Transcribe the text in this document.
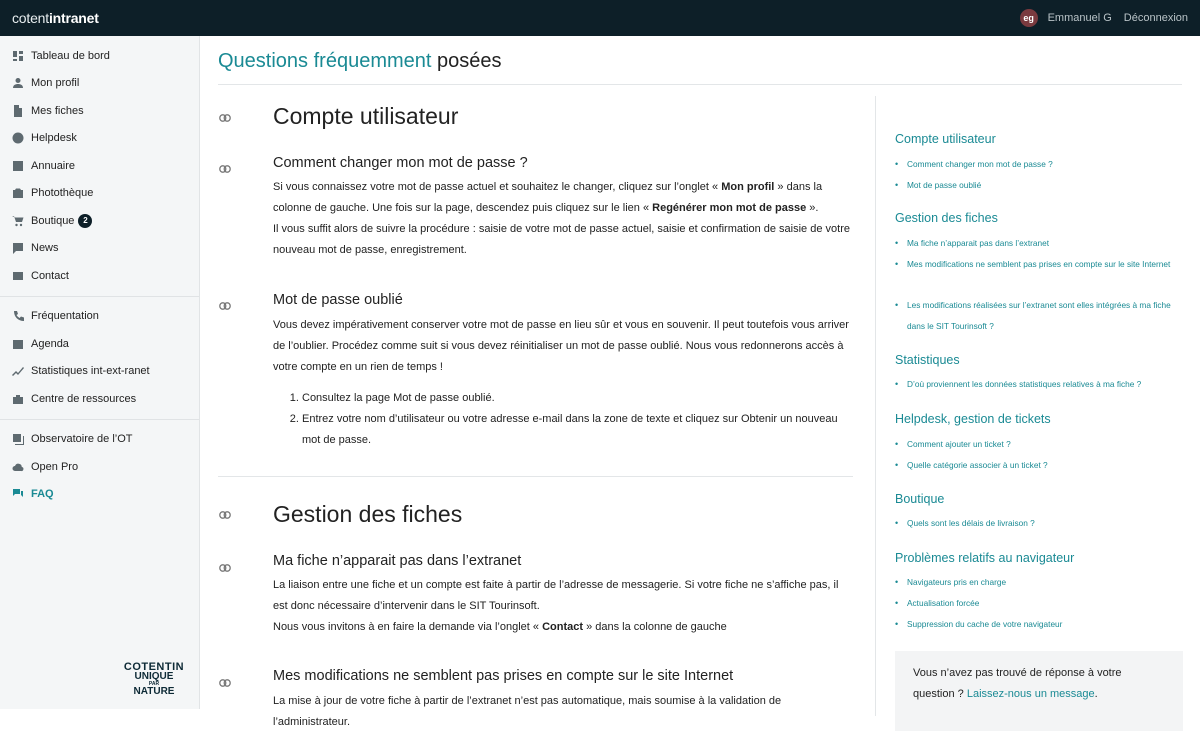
cotentintranet	eg	Emmanuel G Déconnexion
Tableau de bord
Mon profil
Mes fiches
Helpdesk
Annuaire
Photothèque
Boutique	2
News
Contact
Fréquentation
Agenda
Statistiques int-ext-ranet
Centre de ressources
Observatoire de l’OT
Open Pro
FAQ
COTENTIN
UNIQUE
PAR
NATURE
Questions fréquemment posées
Compte utilisateur
Comment changer mon mot de passe ?
Si vous connaissez votre mot de passe actuel et souhaitez le changer, cliquez sur l’onglet « Mon profil » dans la colonne de gauche. Une fois sur la page, descendez puis cliquez sur le lien « Regénérer mon mot de passe ».
Il vous suffit alors de suivre la procédure : saisie de votre mot de passe actuel, saisie et confirmation de saisie de votre nouveau mot de passe, enregistrement.
Mot de passe oublié
Vous devez impérativement conserver votre mot de passe en lieu sûr et vous en souvenir. Il peut toutefois vous arriver de l’oublier. Procédez comme suit si vous devez réinitialiser un mot de passe oublié. Nous vous redonnerons accès à votre compte en un rien de temps !
1. Consultez la page Mot de passe oublié.
2. Entrez votre nom d’utilisateur ou votre adresse e-mail dans la zone de texte et cliquez sur Obtenir un nouveau mot de passe.
Gestion des fiches
Ma fiche n’apparait pas dans l’extranet
La liaison entre une fiche et un compte est faite à partir de l’adresse de messagerie. Si votre fiche ne s’affiche pas, il est donc nécessaire d’intervenir dans le SIT Tourinsoft.
Nous vous invitons à en faire la demande via l’onglet « Contact » dans la colonne de gauche
Mes modifications ne semblent pas prises en compte sur le site Internet
La mise à jour de votre fiche à partir de l’extranet n’est pas automatique, mais soumise à la validation de l’administrateur.
Vous n’avez pas trouvé de réponse à votre question ? Laissez-nous un message.
Compte utilisateur
•	Comment changer mon mot de passe ?
•	Mot de passe oublié
Gestion des fiches
•	Ma fiche n’apparait pas dans l’extranet
•	Mes modifications ne semblent pas prises en compte sur le site Internet
•	Les modifications réalisées sur l’extranet sont elles intégrées à ma fiche dans le SIT Tourinsoft ?
Statistiques
•	D’où proviennent les données statistiques relatives à ma fiche ?
Helpdesk, gestion de tickets
•	Comment ajouter un ticket ?
•	Quelle catégorie associer à un ticket ?
Boutique
•	Quels sont les délais de livraison ?
Problèmes relatifs au navigateur
•	Navigateurs pris en charge
•	Actualisation forcée
•	Suppression du cache de votre navigateur
